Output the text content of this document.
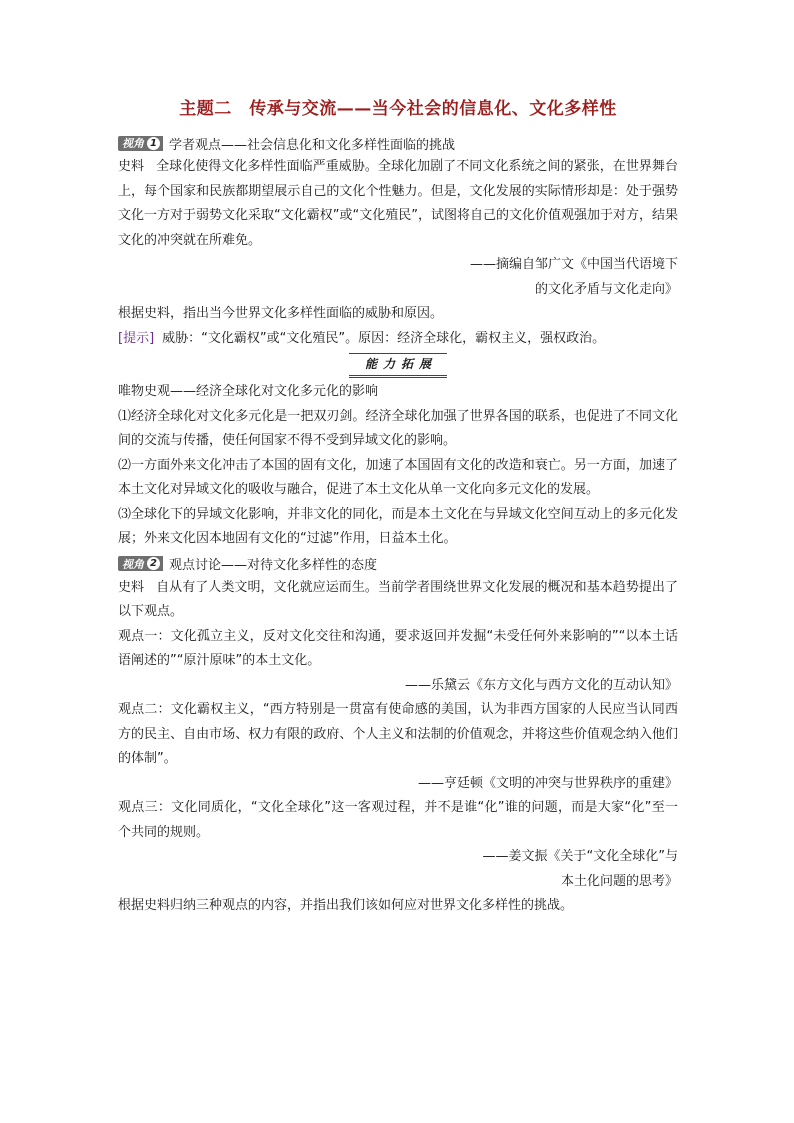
主题二　传承与交流——当今社会的信息化、文化多样性
视角 1 学者观点——社会信息化和文化多样性面临的挑战

史料 全球化使得文化多样性面临严重威胁。全球化加剧了不同文化系统之间的紧张，在世界舞台上，每个国家和民族都期望展示自己的文化个性魅力。但是，文化发展的实际情形却是：处于强势文化一方对于弱势文化采取“文化霸权”或“文化殖民”，试图将自己的文化价值观强加于对方，结果文化的冲突就在所难免。

——摘编自邹广文《中国当代语境下

的文化矛盾与文化走向》

根据史料，指出当今世界文化多样性面临的威胁和原因。

[提示] 威胁：“文化霸权”或“文化殖民”。原因：经济全球化，霸权主义，强权政治。

能力拓展

唯物史观——经济全球化对文化多元化的影响

⑴经济全球化对文化多元化是一把双刃剑。经济全球化加强了世界各国的联系，也促进了不同文化间的交流与传播，使任何国家不得不受到异域文化的影响。

⑵一方面外来文化冲击了本国的固有文化，加速了本国固有文化的改造和衰亡。另一方面，加速了本土文化对异域文化的吸收与融合，促进了本土文化从单一文化向多元文化的发展。

⑶全球化下的异域文化影响，并非文化的同化，而是本土文化在与异域文化空间互动上的多元化发展；外来文化因本地固有文化的“过滤”作用，日益本土化。

视角 2 观点讨论——对待文化多样性的态度

史料 自从有了人类文明，文化就应运而生。当前学者围绕世界文化发展的概况和基本趋势提出了以下观点。

观点一：文化孤立主义，反对文化交往和沟通，要求返回并发掘“未受任何外来影响的”“以本土话语阐述的”“原汁原味”的本土文化。

——乐黛云《东方文化与西方文化的互动认知》

观点二：文化霸权主义，“西方特别是一贯富有使命感的美国，认为非西方国家的人民应当认同西方的民主、自由市场、权力有限的政府、个人主义和法制的价值观念，并将这些价值观念纳入他们的体制”。

——亨廷顿《文明的冲突与世界秩序的重建》

观点三：文化同质化，“文化全球化”这一客观过程，并不是谁“化”谁的问题，而是大家“化”至一个共同的规则。

——姜文振《关于“文化全球化”与

本土化问题的思考》

根据史料归纳三种观点的内容，并指出我们该如何应对世界文化多样性的挑战。
